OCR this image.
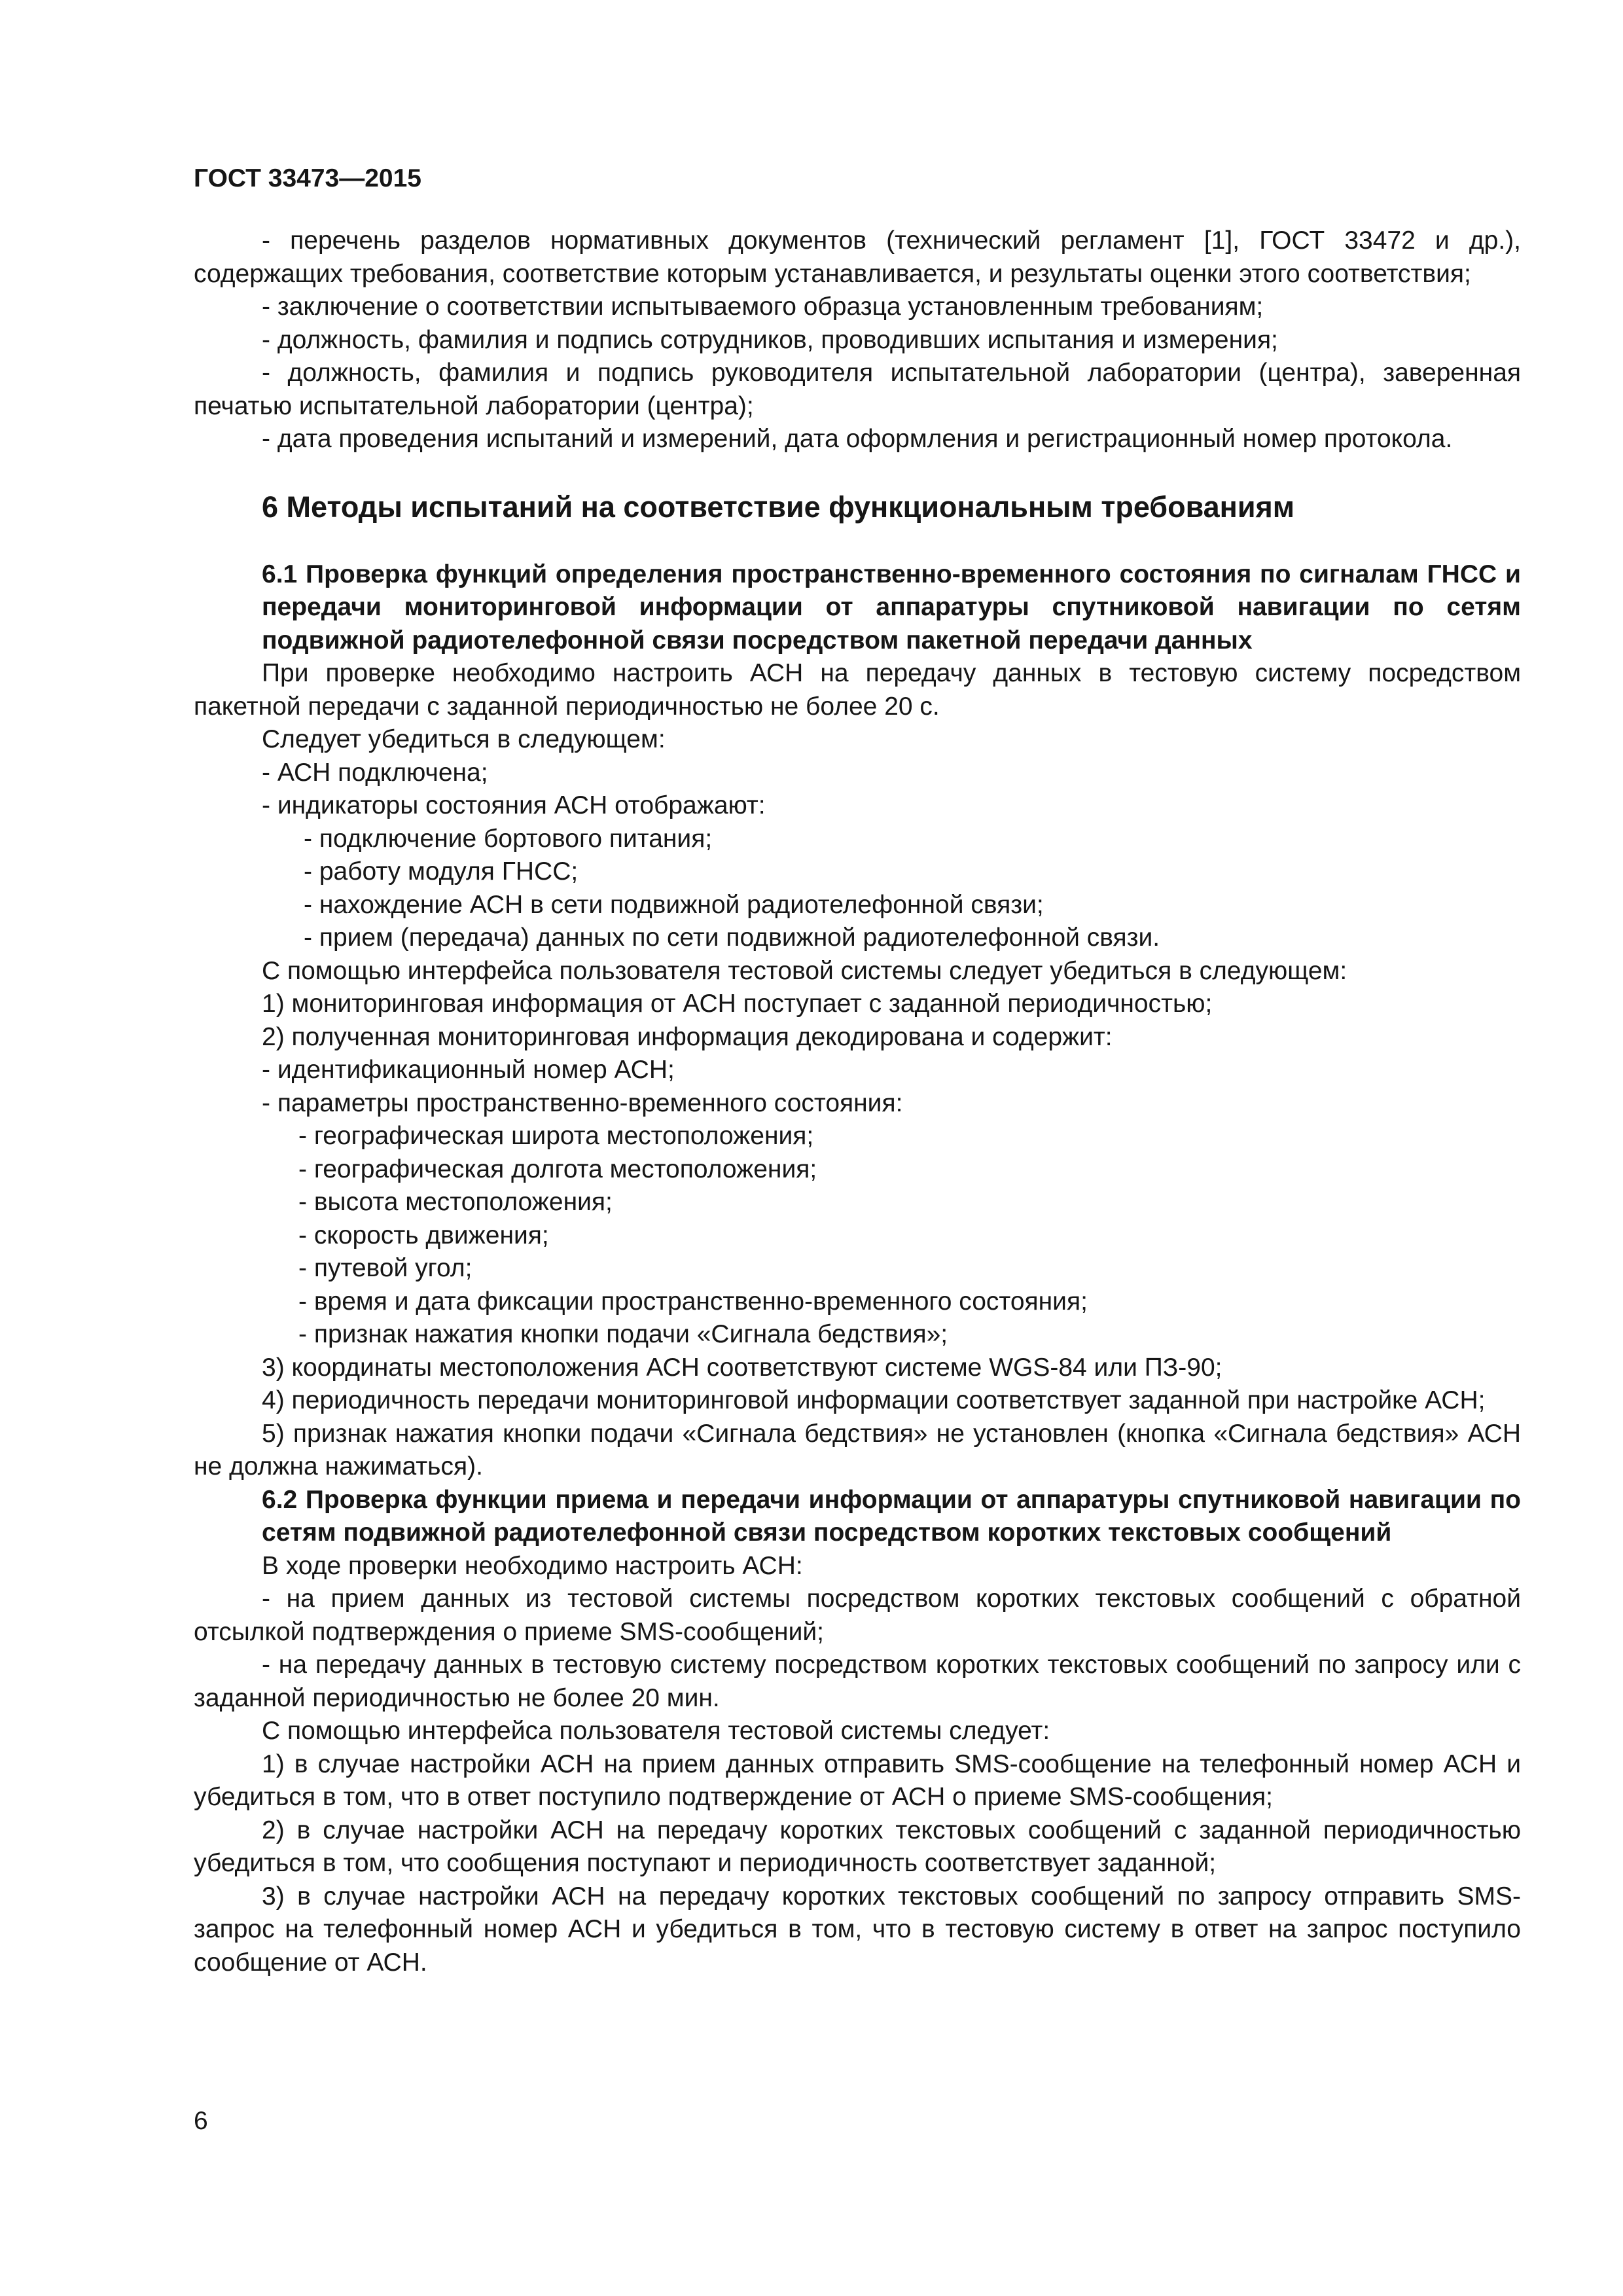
ГОСТ 33473—2015

- перечень разделов нормативных документов (технический регламент [1], ГОСТ 33472 и др.), содержащих требования, соответствие которым устанавливается, и результаты оценки этого соответствия;

- заключение о соответствии испытываемого образца установленным требованиям;

- должность, фамилия и подпись сотрудников, проводивших испытания и измерения;

- должность, фамилия и подпись руководителя испытательной лаборатории (центра), заверенная печатью испытательной лаборатории (центра);

- дата проведения испытаний и измерений, дата оформления и регистрационный номер протокола.

6 Методы испытаний на соответствие функциональным требованиям

6.1 Проверка функций определения пространственно-временного состояния по сигналам ГНСС и передачи мониторинговой информации от аппаратуры спутниковой навигации по сетям подвижной радиотелефонной связи посредством пакетной передачи данных

При проверке необходимо настроить АСН на передачу данных в тестовую систему посредством пакетной передачи с заданной периодичностью не более 20 с.

Следует убедиться в следующем:

- АСН подключена;

- индикаторы состояния АСН отображают:

- подключение бортового питания;

- работу модуля ГНСС;

- нахождение АСН в сети подвижной радиотелефонной связи;

- прием (передача) данных по сети подвижной радиотелефонной связи.

С помощью интерфейса пользователя тестовой системы следует убедиться в следующем:

1) мониторинговая информация от АСН поступает с заданной периодичностью;

2) полученная мониторинговая информация декодирована и содержит:

- идентификационный номер АСН;

- параметры пространственно-временного состояния:

- географическая широта местоположения;

- географическая долгота местоположения;

- высота местоположения;

- скорость движения;

- путевой угол;

- время и дата фиксации пространственно-временного состояния;

- признак нажатия кнопки подачи «Сигнала бедствия»;

3) координаты местоположения АСН соответствуют системе WGS-84 или ПЗ-90;

4) периодичность передачи мониторинговой информации соответствует заданной при настройке АСН;

5) признак нажатия кнопки подачи «Сигнала бедствия» не установлен (кнопка «Сигнала бедствия» АСН не должна нажиматься).

6.2 Проверка функции приема и передачи информации от аппаратуры спутниковой навигации по сетям подвижной радиотелефонной связи посредством коротких текстовых сообщений

В ходе проверки необходимо настроить АСН:

- на прием данных из тестовой системы посредством коротких текстовых сообщений с обратной отсылкой подтверждения о приеме SMS-сообщений;

- на передачу данных в тестовую систему посредством коротких текстовых сообщений по запросу или с заданной периодичностью не более 20 мин.

С помощью интерфейса пользователя тестовой системы следует:

1) в случае настройки АСН на прием данных отправить SMS-сообщение на телефонный номер АСН и убедиться в том, что в ответ поступило подтверждение от АСН о приеме SMS-сообщения;

2) в случае настройки АСН на передачу коротких текстовых сообщений с заданной периодичностью убедиться в том, что сообщения поступают и периодичность соответствует заданной;

3) в случае настройки АСН на передачу коротких текстовых сообщений по запросу отправить SMS-запрос на телефонный номер АСН и убедиться в том, что в тестовую систему в ответ на запрос поступило сообщение от АСН.

6
